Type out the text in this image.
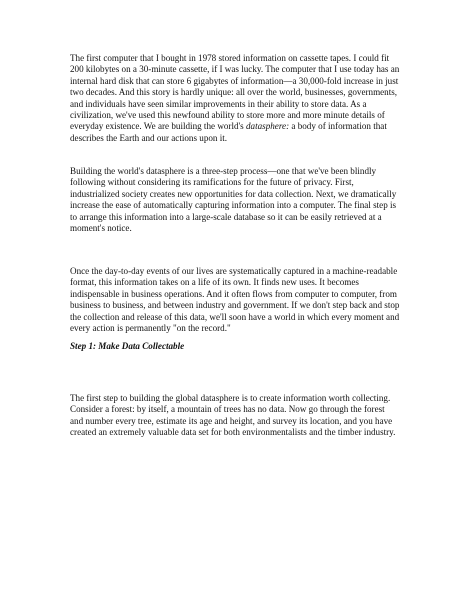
The first computer that I bought in 1978 stored information on cassette tapes. I could fit 200 kilobytes on a 30-minute cassette, if I was lucky. The computer that I use today has an internal hard disk that can store 6 gigabytes of information—a 30,000-fold increase in just two decades. And this story is hardly unique: all over the world, businesses, governments, and individuals have seen similar improvements in their ability to store data. As a civilization, we've used this newfound ability to store more and more minute details of everyday existence. We are building the world's datasphere: a body of information that describes the Earth and our actions upon it.

Building the world's datasphere is a three-step process—one that we've been blindly following without considering its ramifications for the future of privacy. First, industrialized society creates new opportunities for data collection. Next, we dramatically increase the ease of automatically capturing information into a computer. The final step is to arrange this information into a large-scale database so it can be easily retrieved at a moment's notice.

Once the day-to-day events of our lives are systematically captured in a machine-readable format, this information takes on a life of its own. It finds new uses. It becomes indispensable in business operations. And it often flows from computer to computer, from business to business, and between industry and government. If we don't step back and stop the collection and release of this data, we'll soon have a world in which every moment and every action is permanently "on the record."

Step 1: Make Data Collectable

The first step to building the global datasphere is to create information worth collecting. Consider a forest: by itself, a mountain of trees has no data. Now go through the forest and number every tree, estimate its age and height, and survey its location, and you have created an extremely valuable data set for both environmentalists and the timber industry.
